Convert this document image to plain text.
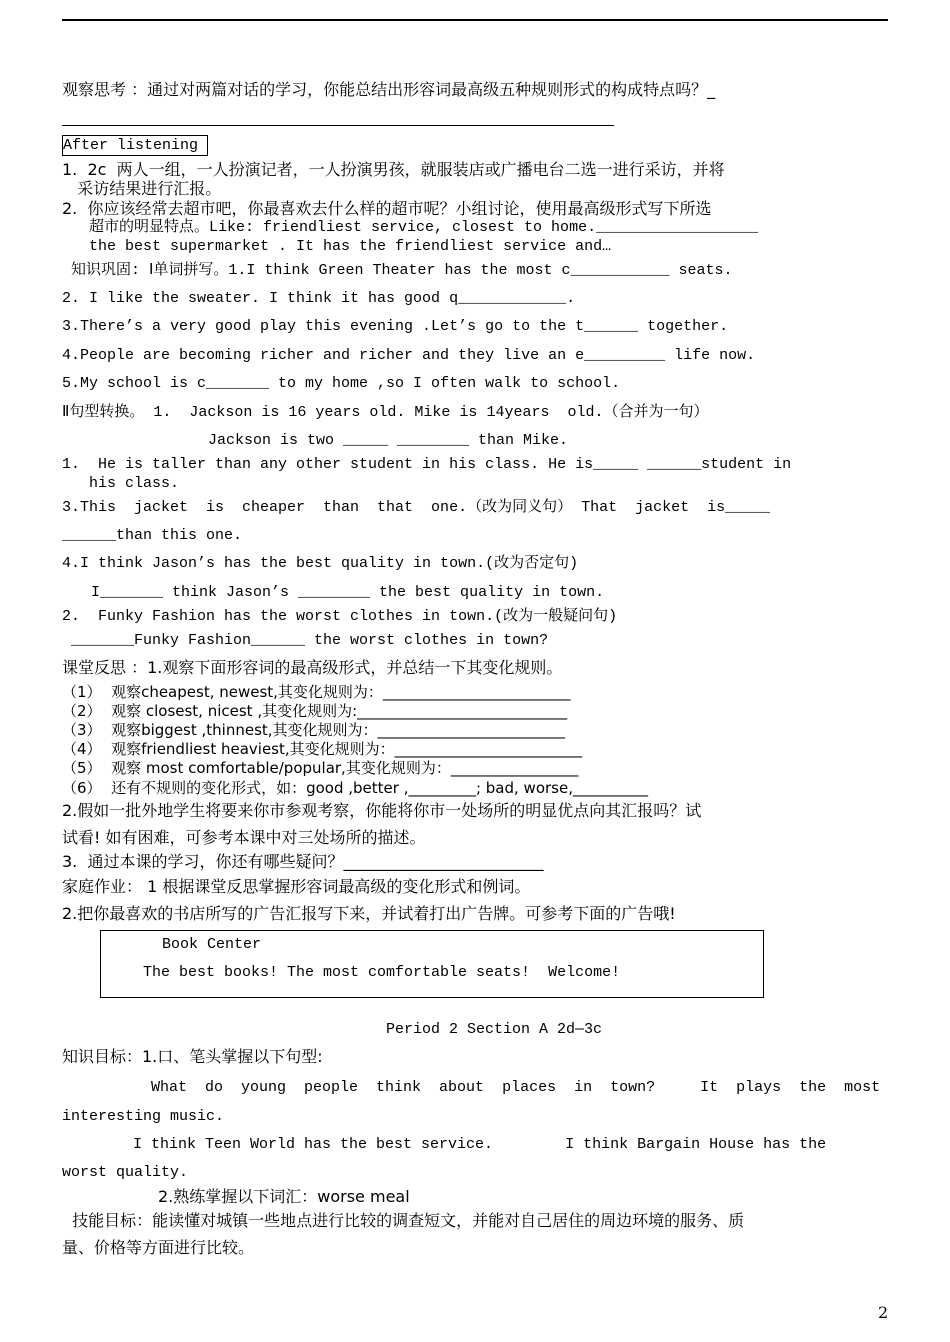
观察思考 ：通过对两篇对话的学习，你能总结出形容词最高级五种规则形式的构成特点吗？_
After listening
1.  2c  两人一组，一人扮演记者，一人扮演男孩，就服装店或广播电台二选一进行采访，并将
采访结果进行汇报。
2.  你应该经常去超市吧，你最喜欢去什么样的超市呢？小组讨论，使用最高级形式写下所选
超市的明显特点。Like: friendliest service, closest to home.__________________
the best supermarket . It has the friendliest service and…
知识巩固: Ⅰ单词拼写。1.I think Green Theater has the most c___________ seats.
2. I like the sweater. I think it has good q____________.
3.There’s a very good play this evening .Let’s go to the t______ together.
4.People are becoming richer and richer and they live an e_________ life now.
5.My school is c_______ to my home ,so I often walk to school.
Ⅱ句型转换。 1.  Jackson is 16 years old. Mike is 14years  old.（合并为一句）
Jackson is two _____ ________ than Mike.
1.  He is taller than any other student in his class. He is_____ ______student in
his class.
3.This  jacket  is  cheaper  than  that  one.（改为同义句） That  jacket  is_____
______than this one.
4.I think Jason’s has the best quality in town.(改为否定句)
I_______ think Jason’s ________ the best quality in town.
2.  Funky Fashion has the worst clothes in town.(改为一般疑问句)
_______Funky Fashion______ the worst clothes in town?
课堂反思 ：1.观察下面形容词的最高级形式，并总结一下其变化规则。
（1）  观察cheapest, newest,其变化规则为：_________________________
（2）  观察 closest, nicest ,其变化规则为:____________________________
（3）  观察biggest ,thinnest,其变化规则为：_________________________
（4）  观察friendliest heaviest,其变化规则为：_________________________
（5）  观察 most comfortable/popular,其变化规则为：_________________
（6）  还有不规则的变化形式，如：good ,better ,_________; bad, worse,__________
2.假如一批外地学生将要来你市参观考察，你能将你市一处场所的明显优点向其汇报吗？试
试看! 如有困难，可参考本课中对三处场所的描述。
3.  通过本课的学习，你还有哪些疑问？_________________________
家庭作业： 1 根据课堂反思掌握形容词最高级的变化形式和例词。
2.把你最喜欢的书店所写的广告汇报写下来，并试着打出广告牌。可参考下面的广告哦!
Book Center
The best books! The most comfortable seats!  Welcome!
Period 2 Section A 2d—3c
知识目标：1.口、笔头掌握以下句型:
What  do  young  people  think  about  places  in  town?     It  plays  the  most
interesting music.
I think Teen World has the best service.        I think Bargain House has the
worst quality.
2.熟练掌握以下词汇：worse meal
技能目标：能读懂对城镇一些地点进行比较的调查短文，并能对自己居住的周边环境的服务、质
量、价格等方面进行比较。
2
